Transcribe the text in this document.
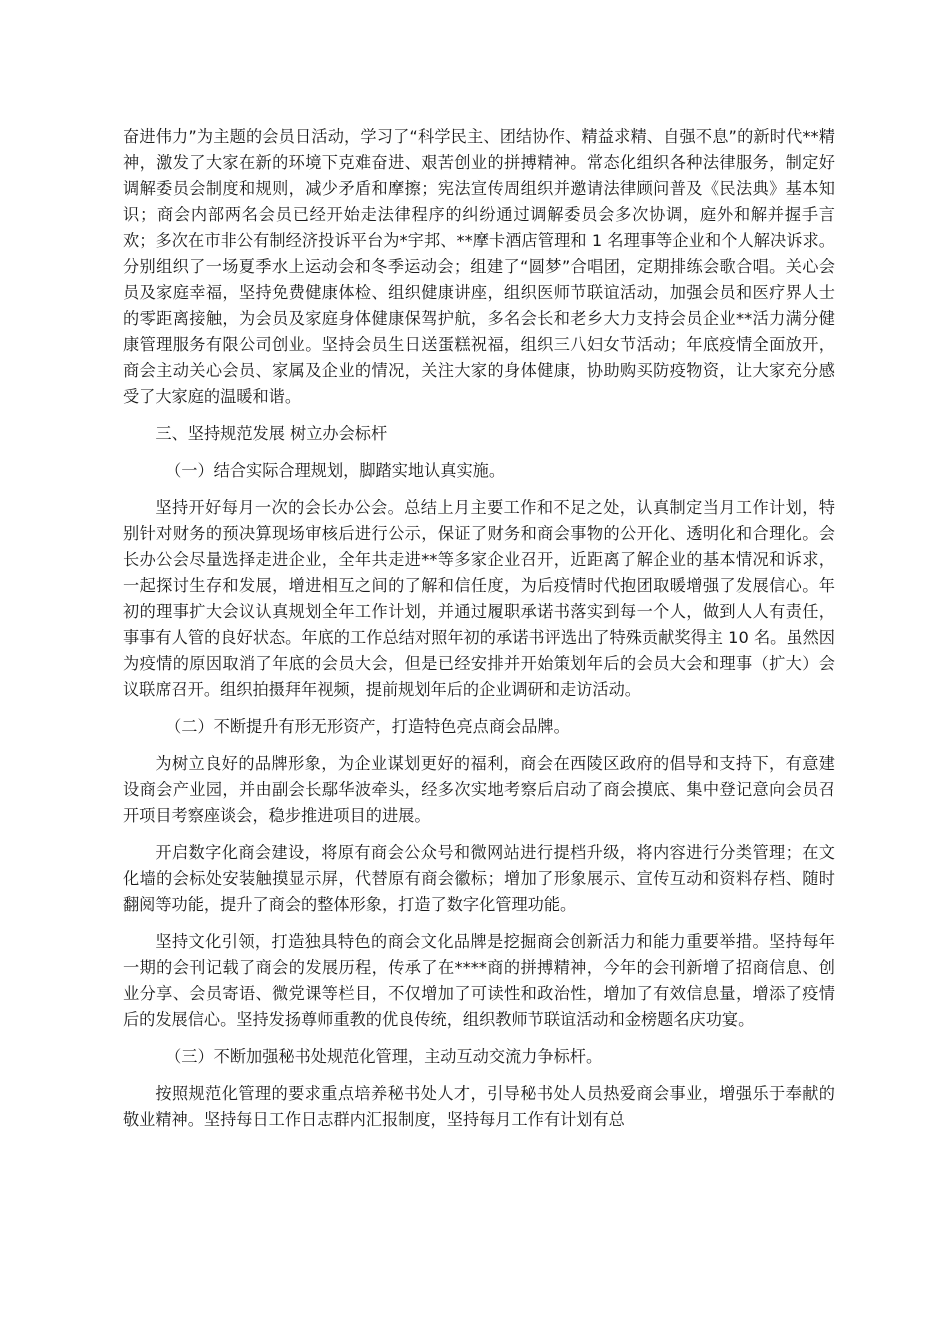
奋进伟力”为主题的会员日活动，学习了“科学民主、团结协作、精益求精、自强不息”的新时代**精神，激发了大家在新的环境下克难奋进、艰苦创业的拼搏精神。常态化组织各种法律服务，制定好调解委员会制度和规则，减少矛盾和摩擦；宪法宣传周组织并邀请法律顾问普及《民法典》基本知识；商会内部两名会员已经开始走法律程序的纠纷通过调解委员会多次协调，庭外和解并握手言欢；多次在市非公有制经济投诉平台为*宇邦、**摩卡酒店管理和 1 名理事等企业和个人解决诉求。分别组织了一场夏季水上运动会和冬季运动会；组建了“圆梦”合唱团，定期排练会歌合唱。关心会员及家庭幸福，坚持免费健康体检、组织健康讲座，组织医师节联谊活动，加强会员和医疗界人士的零距离接触，为会员及家庭身体健康保驾护航，多名会长和老乡大力支持会员企业**活力满分健康管理服务有限公司创业。坚持会员生日送蛋糕祝福，组织三八妇女节活动；年底疫情全面放开，商会主动关心会员、家属及企业的情况，关注大家的身体健康，协助购买防疫物资，让大家充分感受了大家庭的温暖和谐。

三、坚持规范发展 树立办会标杆

（一）结合实际合理规划，脚踏实地认真实施。

坚持开好每月一次的会长办公会。总结上月主要工作和不足之处，认真制定当月工作计划，特别针对财务的预决算现场审核后进行公示，保证了财务和商会事物的公开化、透明化和合理化。会长办公会尽量选择走进企业，全年共走进**等多家企业召开，近距离了解企业的基本情况和诉求，一起探讨生存和发展，增进相互之间的了解和信任度，为后疫情时代抱团取暖增强了发展信心。年初的理事扩大会议认真规划全年工作计划，并通过履职承诺书落实到每一个人，做到人人有责任，事事有人管的良好状态。年底的工作总结对照年初的承诺书评选出了特殊贡献奖得主 10 名。虽然因为疫情的原因取消了年底的会员大会，但是已经安排并开始策划年后的会员大会和理事（扩大）会议联席召开。组织拍摄拜年视频，提前规划年后的企业调研和走访活动。

（二）不断提升有形无形资产，打造特色亮点商会品牌。

为树立良好的品牌形象，为企业谋划更好的福利，商会在西陵区政府的倡导和支持下，有意建设商会产业园，并由副会长鄢华波牵头，经多次实地考察后启动了商会摸底、集中登记意向会员召开项目考察座谈会，稳步推进项目的进展。

开启数字化商会建设，将原有商会公众号和微网站进行提档升级，将内容进行分类管理；在文化墙的会标处安装触摸显示屏，代替原有商会徽标；增加了形象展示、宣传互动和资料存档、随时翻阅等功能，提升了商会的整体形象，打造了数字化管理功能。

坚持文化引领，打造独具特色的商会文化品牌是挖掘商会创新活力和能力重要举措。坚持每年一期的会刊记载了商会的发展历程，传承了在****商的拼搏精神，今年的会刊新增了招商信息、创业分享、会员寄语、微党课等栏目，不仅增加了可读性和政治性，增加了有效信息量，增添了疫情后的发展信心。坚持发扬尊师重教的优良传统，组织教师节联谊活动和金榜题名庆功宴。

（三）不断加强秘书处规范化管理，主动互动交流力争标杆。

按照规范化管理的要求重点培养秘书处人才，引导秘书处人员热爱商会事业，增强乐于奉献的敬业精神。坚持每日工作日志群内汇报制度，坚持每月工作有计划有总
